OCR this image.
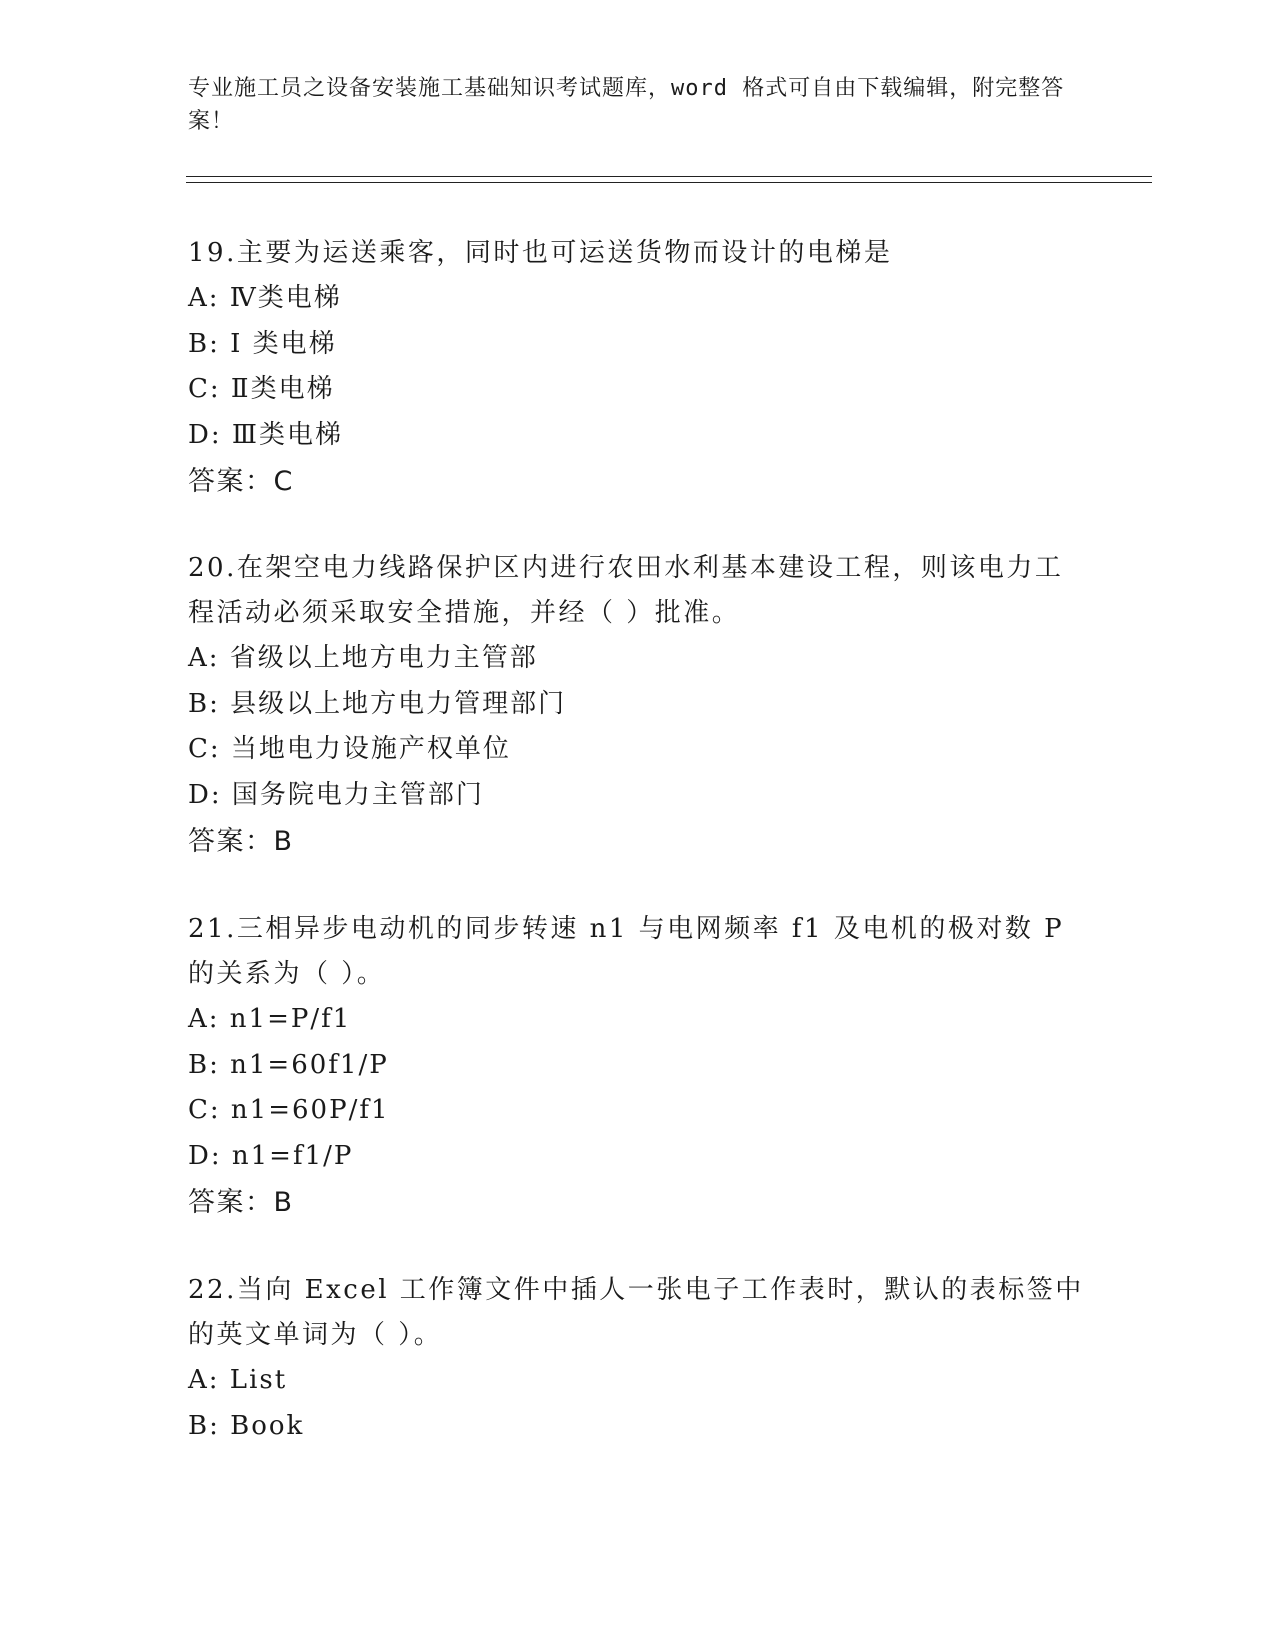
专业施工员之设备安装施工基础知识考试题库，word 格式可自由下载编辑，附完整答案！
19.主要为运送乘客，同时也可运送货物而设计的电梯是
A: Ⅳ类电梯
B: I 类电梯
C: Ⅱ类电梯
D: Ⅲ类电梯
答案：C
20.在架空电力线路保护区内进行农田水利基本建设工程，则该电力工程活动必须采取安全措施，并经（ ）批准。
A: 省级以上地方电力主管部
B: 县级以上地方电力管理部门
C: 当地电力设施产权单位
D: 国务院电力主管部门
答案：B
21.三相异步电动机的同步转速 n1 与电网频率 f1 及电机的极对数 P 的关系为（ ）。
A: n1=P/f1
B: n1=60f1/P
C: n1=60P/f1
D: n1=f1/P
答案：B
22.当向 Excel 工作簿文件中插人一张电子工作表时，默认的表标签中的英文单词为（ ）。
A: List
B: Book
